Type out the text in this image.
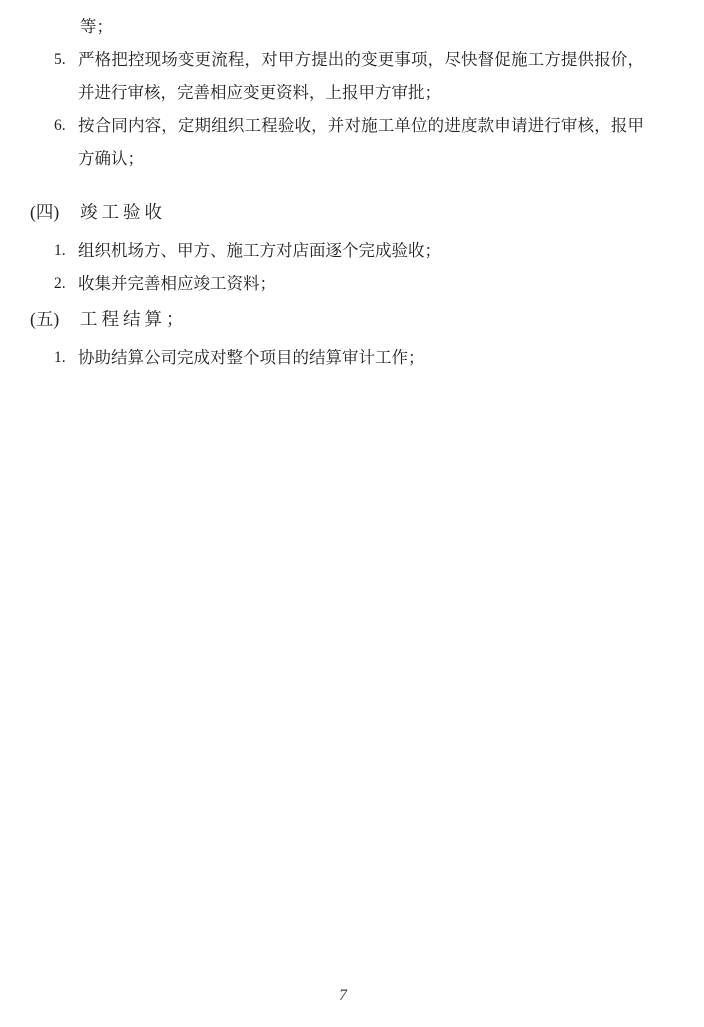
等；
5. 严格把控现场变更流程，对甲方提出的变更事项，尽快督促施工方提供报价，并进行审核，完善相应变更资料，上报甲方审批；
6. 按合同内容，定期组织工程验收，并对施工单位的进度款申请进行审核，报甲方确认；
(四)	竣工验收
1. 组织机场方、甲方、施工方对店面逐个完成验收；
2. 收集并完善相应竣工资料；
(五)	工程结算；
1. 协助结算公司完成对整个项目的结算审计工作；
7
